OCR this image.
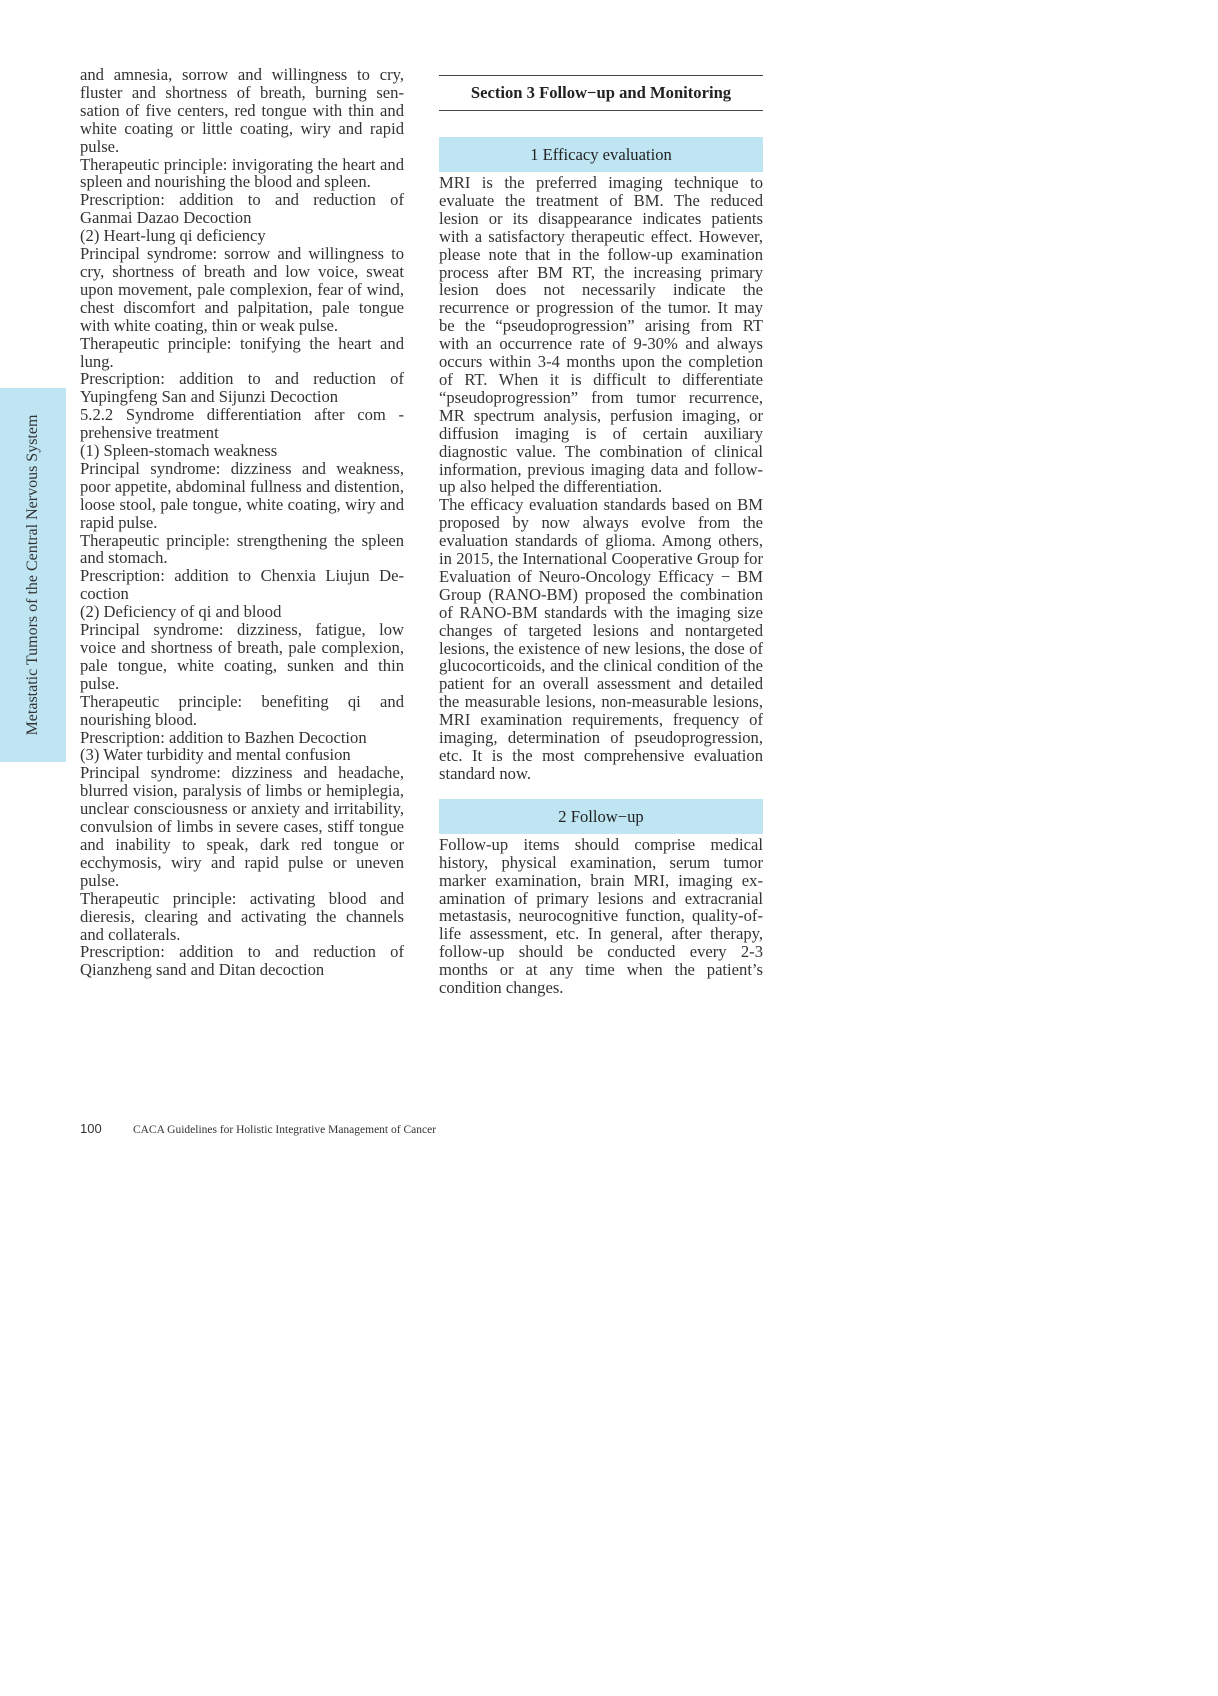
Metastatic Tumors of the Central Nervous System

and amnesia, sorrow and willingness to cry, fluster and shortness of breath, burning sensation of five centers, red tongue with thin and white coating or little coating, wiry and rapid pulse.

Therapeutic principle: invigorating the heart and spleen and nourishing the blood and spleen.

Prescription: addition to and reduction of Ganmai Dazao Decoction

(2) Heart-lung qi deficiency

Principal syndrome: sorrow and willingness to cry, shortness of breath and low voice, sweat upon movement, pale complexion, fear of wind, chest discomfort and palpitation, pale tongue with white coating, thin or weak pulse.

Therapeutic principle: tonifying the heart and lung.

Prescription: addition to and reduction of Yupingfeng San and Sijunzi Decoction

5.2.2 Syndrome differentiation after com - prehensive treatment

(1) Spleen-stomach weakness

Principal syndrome: dizziness and weakness, poor appetite, abdominal fullness and distention, loose stool, pale tongue, white coating, wiry and rapid pulse.

Therapeutic principle: strengthening the spleen and stomach.

Prescription: addition to Chenxia Liujun Decoction

(2) Deficiency of qi and blood

Principal syndrome: dizziness, fatigue, low voice and shortness of breath, pale complexion, pale tongue, white coating, sunken and thin pulse.

Therapeutic principle: benefiting qi and nourishing blood.

Prescription: addition to Bazhen Decoction

(3) Water turbidity and mental confusion

Principal syndrome: dizziness and headache, blurred vision, paralysis of limbs or hemiplegia, unclear consciousness or anxiety and irritability, convulsion of limbs in severe cases, stiff tongue and inability to speak, dark red tongue or ecchymosis, wiry and rapid pulse or uneven pulse.

Therapeutic principle: activating blood and dieresis, clearing and activating the channels and collaterals.

Prescription: addition to and reduction of Qianzheng sand and Ditan decoction

Section 3 Follow−up and Monitoring
1 Efficacy evaluation

MRI is the preferred imaging technique to evaluate the treatment of BM. The reduced lesion or its disappearance indicates patients with a satisfactory therapeutic effect. However, please note that in the follow-up examination process after BM RT, the increasing primary lesion does not necessarily indicate the recurrence or progression of the tumor. It may be the “pseudoprogression” arising from RT with an occurrence rate of 9-30% and always occurs within 3-4 months upon the completion of RT. When it is difficult to differentiate “pseudoprogression” from tumor recurrence, MR spectrum analysis, perfusion imaging, or diffusion imaging is of certain auxiliary diagnostic value. The combination of clinical information, previous imaging data and follow-up also helped the differentiation.

The efficacy evaluation standards based on BM proposed by now always evolve from the evaluation standards of glioma. Among others, in 2015, the International Cooperative Group for Evaluation of Neuro-Oncology Efficacy − BM Group (RANO-BM) proposed the combination of RANO-BM standards with the imaging size changes of targeted lesions and nontargeted lesions, the existence of new lesions, the dose of glucocorticoids, and the clinical condition of the patient for an overall assessment and detailed the measurable lesions, non-measurable lesions, MRI examination requirements, frequency of imaging, determination of pseudoprogression, etc. It is the most comprehensive evaluation standard now.

2 Follow−up

Follow-up items should comprise medical history, physical examination, serum tumor marker examination, brain MRI, imaging examination of primary lesions and extracranial metastasis, neurocognitive function, quality-of-life assessment, etc. In general, after therapy, follow-up should be conducted every 2-3 months or at any time when the patient’s condition changes.

100	CACA Guidelines for Holistic Integrative Management of Cancer
